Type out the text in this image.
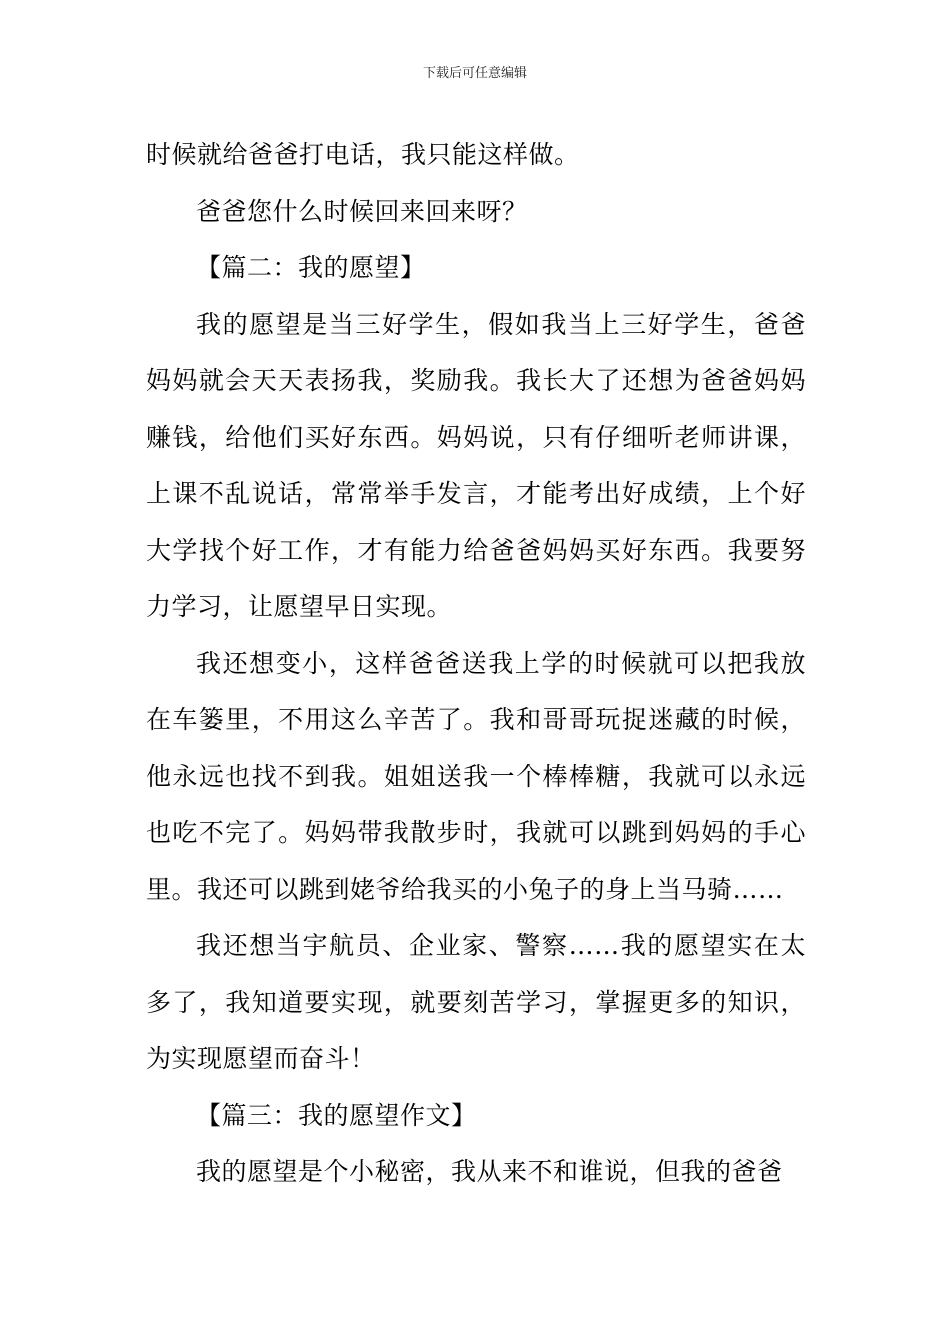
下载后可任意编辑

时候就给爸爸打电话，我只能这样做。

爸爸您什么时候回来回来呀？

【篇二：我的愿望】

我的愿望是当三好学生，假如我当上三好学生，爸爸妈妈就会天天表扬我，奖励我。我长大了还想为爸爸妈妈赚钱，给他们买好东西。妈妈说，只有仔细听老师讲课，上课不乱说话，常常举手发言，才能考出好成绩，上个好大学找个好工作，才有能力给爸爸妈妈买好东西。我要努力学习，让愿望早日实现。

我还想变小，这样爸爸送我上学的时候就可以把我放在车篓里，不用这么辛苦了。我和哥哥玩捉迷藏的时候，他永远也找不到我。姐姐送我一个棒棒糖，我就可以永远也吃不完了。妈妈带我散步时，我就可以跳到妈妈的手心里。我还可以跳到姥爷给我买的小兔子的身上当马骑……

我还想当宇航员、企业家、警察……我的愿望实在太多了，我知道要实现，就要刻苦学习，掌握更多的知识，为实现愿望而奋斗！

【篇三：我的愿望作文】

我的愿望是个小秘密，我从来不和谁说，但我的爸爸
